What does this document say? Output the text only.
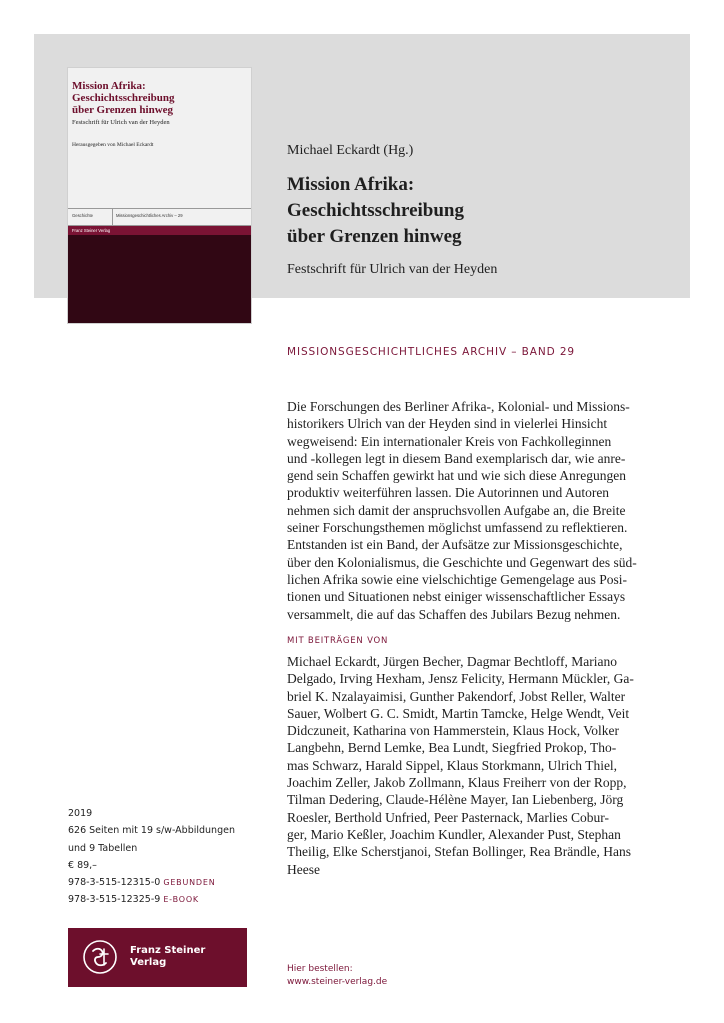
Mission Afrika:
Geschichtsschreibung
über Grenzen hinweg
Festschrift für Ulrich van der Heyden
Herausgegeben von Michael Eckardt
Geschichte	Missionsgeschichtliches Archiv – 29
Franz Steiner Verlag
Michael Eckardt (Hg.)
Mission Afrika:
Geschichtsschreibung
über Grenzen hinweg
Festschrift für Ulrich van der Heyden
MISSIONSGESCHICHTLICHES ARCHIV – BAND 29
Die Forschungen des Berliner Afrika-, Kolonial- und Missions-
historikers Ulrich van der Heyden sind in vielerlei Hinsicht
wegweisend: Ein internationaler Kreis von Fachkolleginnen
und -kollegen legt in diesem Band exemplarisch dar, wie anre-
gend sein Schaffen gewirkt hat und wie sich diese Anregungen
produktiv weiterführen lassen. Die Autorinnen und Autoren
nehmen sich damit der anspruchsvollen Aufgabe an, die Breite
seiner Forschungsthemen möglichst umfassend zu reflektieren.
Entstanden ist ein Band, der Aufsätze zur Missionsgeschichte,
über den Kolonialismus, die Geschichte und Gegenwart des süd-
lichen Afrika sowie eine vielschichtige Gemengelage aus Posi-
tionen und Situationen nebst einiger wissenschaftlicher Essays
versammelt, die auf das Schaffen des Jubilars Bezug nehmen.
MIT BEITRÄGEN VON
Michael Eckardt, Jürgen Becher, Dagmar Bechtloff, Mariano
Delgado, Irving Hexham, Jensz Felicity, Hermann Mückler, Ga-
briel K. Nzalayaimisi, Gunther Pakendorf, Jobst Reller, Walter
Sauer, Wolbert G. C. Smidt, Martin Tamcke, Helge Wendt, Veit
Didczuneit, Katharina von Hammerstein, Klaus Hock, Volker
Langbehn, Bernd Lemke, Bea Lundt, Siegfried Prokop, Tho-
mas Schwarz, Harald Sippel, Klaus Storkmann, Ulrich Thiel,
Joachim Zeller, Jakob Zollmann, Klaus Freiherr von der Ropp,
Tilman Dedering, Claude-Hélène Mayer, Ian Liebenberg, Jörg
Roesler, Berthold Unfried, Peer Pasternack, Marlies Cobur-
ger, Mario Keßler, Joachim Kundler, Alexander Pust, Stephan
Theilig, Elke Scherstjanoi, Stefan Bollinger, Rea Brändle, Hans
Heese
2019
626 Seiten mit 19 s/w-Abbildungen
und 9 Tabellen
€ 89,–
978-3-515-12315-0 GEBUNDEN
978-3-515-12325-9 E-BOOK
Franz Steiner
Verlag
Hier bestellen:
www.steiner-verlag.de
